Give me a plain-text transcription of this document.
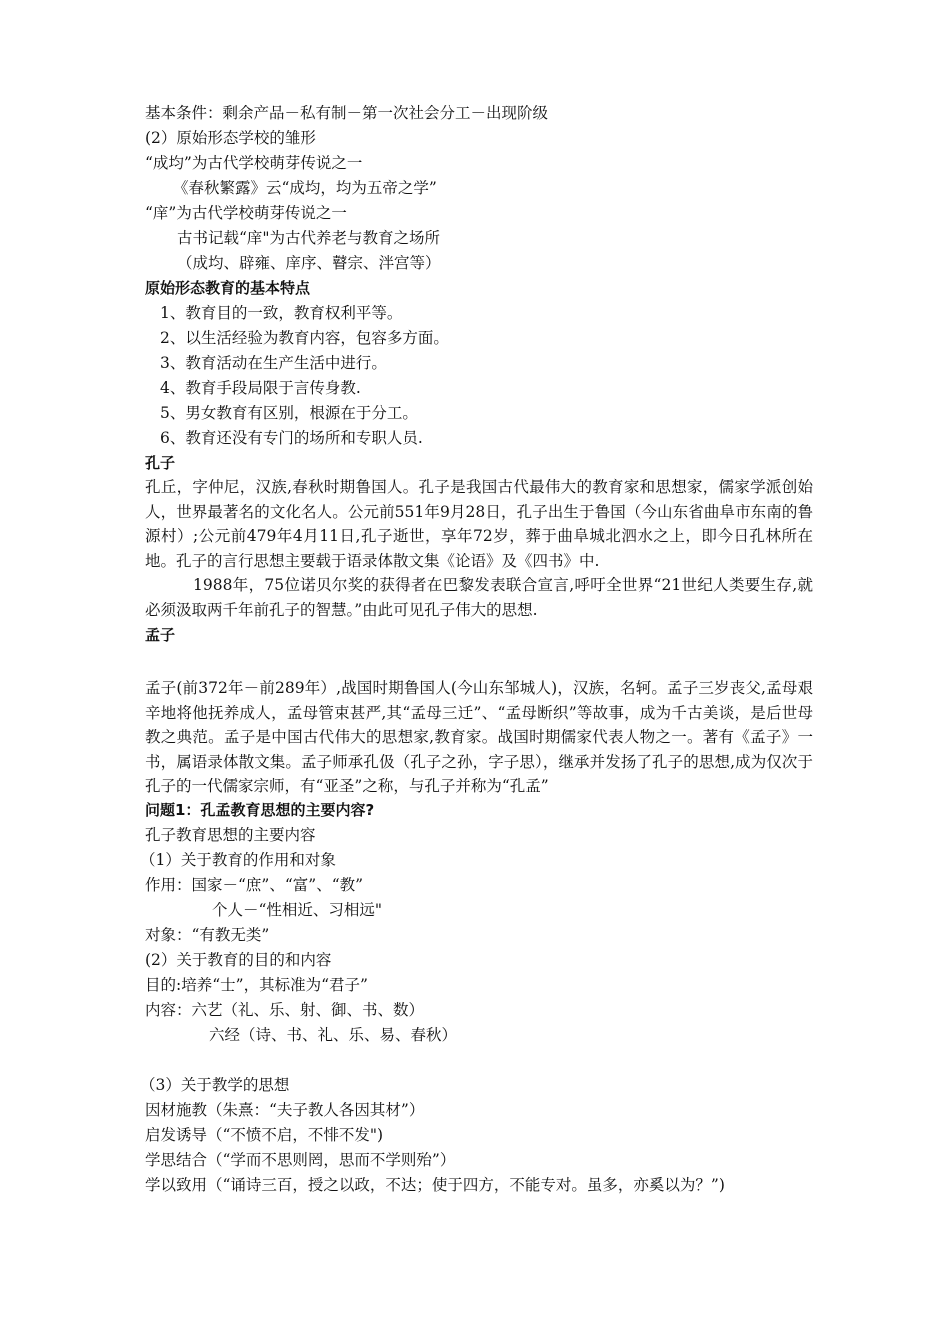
基本条件：剩余产品－私有制－第一次社会分工－出现阶级
(2）原始形态学校的雏形
“成均”为古代学校萌芽传说之一
《春秋繁露》云“成均，均为五帝之学”
“庠”为古代学校萌芽传说之一
古书记载“庠"为古代养老与教育之场所
（成均、辟雍、庠序、瞽宗、泮宫等）
原始形态教育的基本特点
1、教育目的一致，教育权利平等。
2、以生活经验为教育内容，包容多方面。
3、教育活动在生产生活中进行。
4、教育手段局限于言传身教.
5、男女教育有区别，根源在于分工。
6、教育还没有专门的场所和专职人员.
孔子
孔丘，字仲尼，汉族,春秋时期鲁国人。孔子是我国古代最伟大的教育家和思想家，儒家学派创始人，世界最著名的文化名人。公元前551年9月28日，孔子出生于鲁国（今山东省曲阜市东南的鲁源村）;公元前479年4月11日,孔子逝世，享年72岁，葬于曲阜城北泗水之上，即今日孔林所在地。孔子的言行思想主要载于语录体散文集《论语》及《四书》中.
1988年，75位诺贝尔奖的获得者在巴黎发表联合宣言,呼吁全世界“21世纪人类要生存,就必须汲取两千年前孔子的智慧。”由此可见孔子伟大的思想.
孟子
孟子(前372年－前289年）,战国时期鲁国人(今山东邹城人)，汉族，名轲。孟子三岁丧父,孟母艰辛地将他抚养成人，孟母管束甚严,其“孟母三迁”、“孟母断织”等故事，成为千古美谈，是后世母教之典范。孟子是中国古代伟大的思想家,教育家。战国时期儒家代表人物之一。著有《孟子》一书，属语录体散文集。孟子师承孔伋（孔子之孙，字子思），继承并发扬了孔子的思想,成为仅次于孔子的一代儒家宗师，有“亚圣”之称，与孔子并称为“孔孟”
问题1：孔孟教育思想的主要内容?
孔子教育思想的主要内容
（1）关于教育的作用和对象
作用：国家－“庶”、“富”、“教”
个人－“性相近、习相远"
对象：“有教无类”
(2）关于教育的目的和内容
目的:培养“士”，其标准为“君子”
内容：六艺（礼、乐、射、御、书、数）
六经（诗、书、礼、乐、易、春秋）
（3）关于教学的思想
因材施教（朱熹：“夫子教人各因其材”）
启发诱导（“不愤不启，不悱不发")
学思结合（“学而不思则罔，思而不学则殆”）
学以致用（“诵诗三百，授之以政，不达；使于四方，不能专对。虽多，亦奚以为？”)
